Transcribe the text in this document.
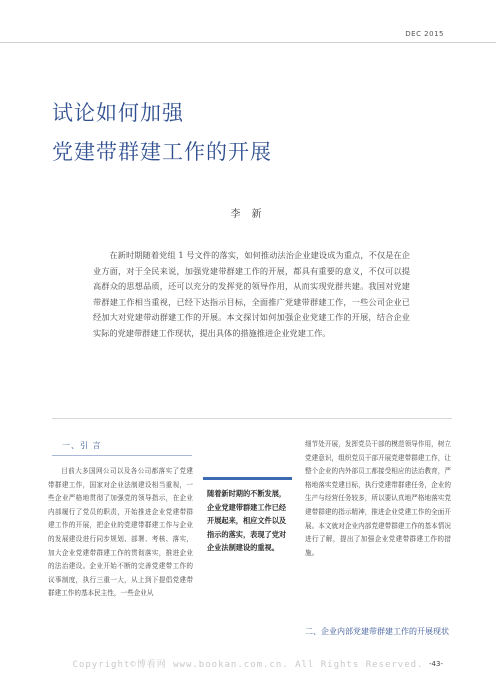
DEC 2015
试论如何加强
党建带群建工作的开展
李 新
在新时期随着党组 1 号文件的落实，如何推动法治企业建设成为重点，不仅是在企业方面，对于全民来说，加强党建带群建工作的开展，都具有重要的意义，不仅可以提高群众的思想品质，还可以充分的发挥党的领导作用，从而实现党群共建。我国对党建带群建工作相当重视，已经下达指示目标，全面推广党建带群建工作，一些公司企业已经加大对党建带动群建工作的开展。本文探讨如何加强企业党建工作的开展，结合企业实际的党建带群建工作现状，提出具体的措施推进企业党建工作。
一、引 言
目前大多国网公司以及各公司都落实了党建带群建工作，国家对企业法制建设相当重视，一些企业严格地贯彻了加强党的领导指示，在企业内部履行了党员的职责，开始推进企业党建带群建工作的开展，把企业的党建带群建工作与企业的发展建设进行同步规划、部署、考核、落实，加大企业党建带群建工作的贯彻落实，推进企业的法治建设。企业开始不断的完善党建带工作的议事制度，执行三重一大，从上到下提倡党建带群建工作的基本民主性，一些企业从
随着新时期的不断发展，企业党建带群建工作已经开展起来，相应文件以及指示的落实，表现了党对企业法制建设的重视。
细节处开展，发挥党员干部的模范领导作用，树立党建意识，组织党员干部开展党建带群建工作，让整个企业的内外部员工都接受相应的法治教育，严格地落实党建目标，执行党建带群建任务，企业的生产与经营任务较多，所以要认真地严格地落实党建带群建的指示精神，推进企业党建工作的全面开展。本文就对企业内部党建带群建工作的基本情况进行了解，提出了加强企业党建带群建工作的措施。
二、企业内部党建带群建工作的开展现状
-43-
Copyright©博看网 www.bookan.com.cn. All Rights Reserved.
